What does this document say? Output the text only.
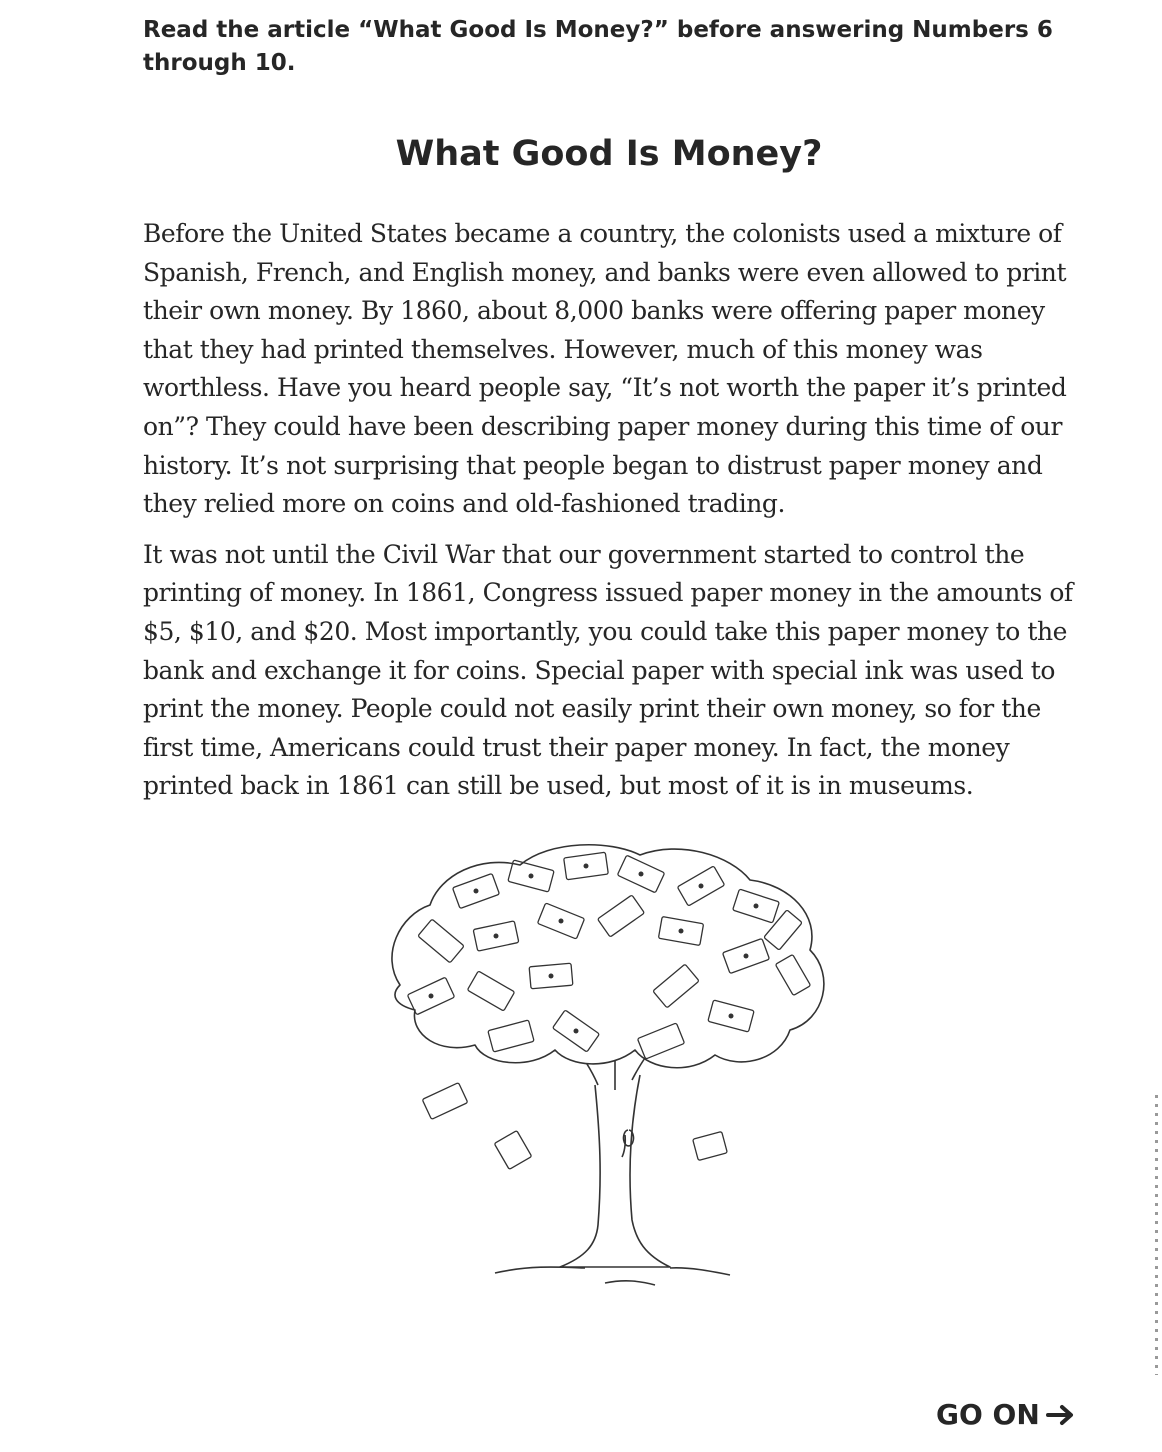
Read the article “What Good Is Money?” before answering Numbers 6 through 10.
What Good Is Money?

Before the United States became a country, the colonists used a mixture of Spanish, French, and English money, and banks were even allowed to print their own money. By 1860, about 8,000 banks were offering paper money that they had printed themselves. However, much of this money was worthless. Have you heard people say, “It’s not worth the paper it’s printed on”? They could have been describing paper money during this time of our history. It’s not surprising that people began to distrust paper money and they relied more on coins and old-fashioned trading.

It was not until the Civil War that our government started to control the printing of money. In 1861, Congress issued paper money in the amounts of $5, $10, and $20. Most importantly, you could take this paper money to the bank and exchange it for coins. Special paper with special ink was used to print the money. People could not easily print their own money, so for the first time, Americans could trust their paper money. In fact, the money printed back in 1861 can still be used, but most of it is in museums.

GO ON
